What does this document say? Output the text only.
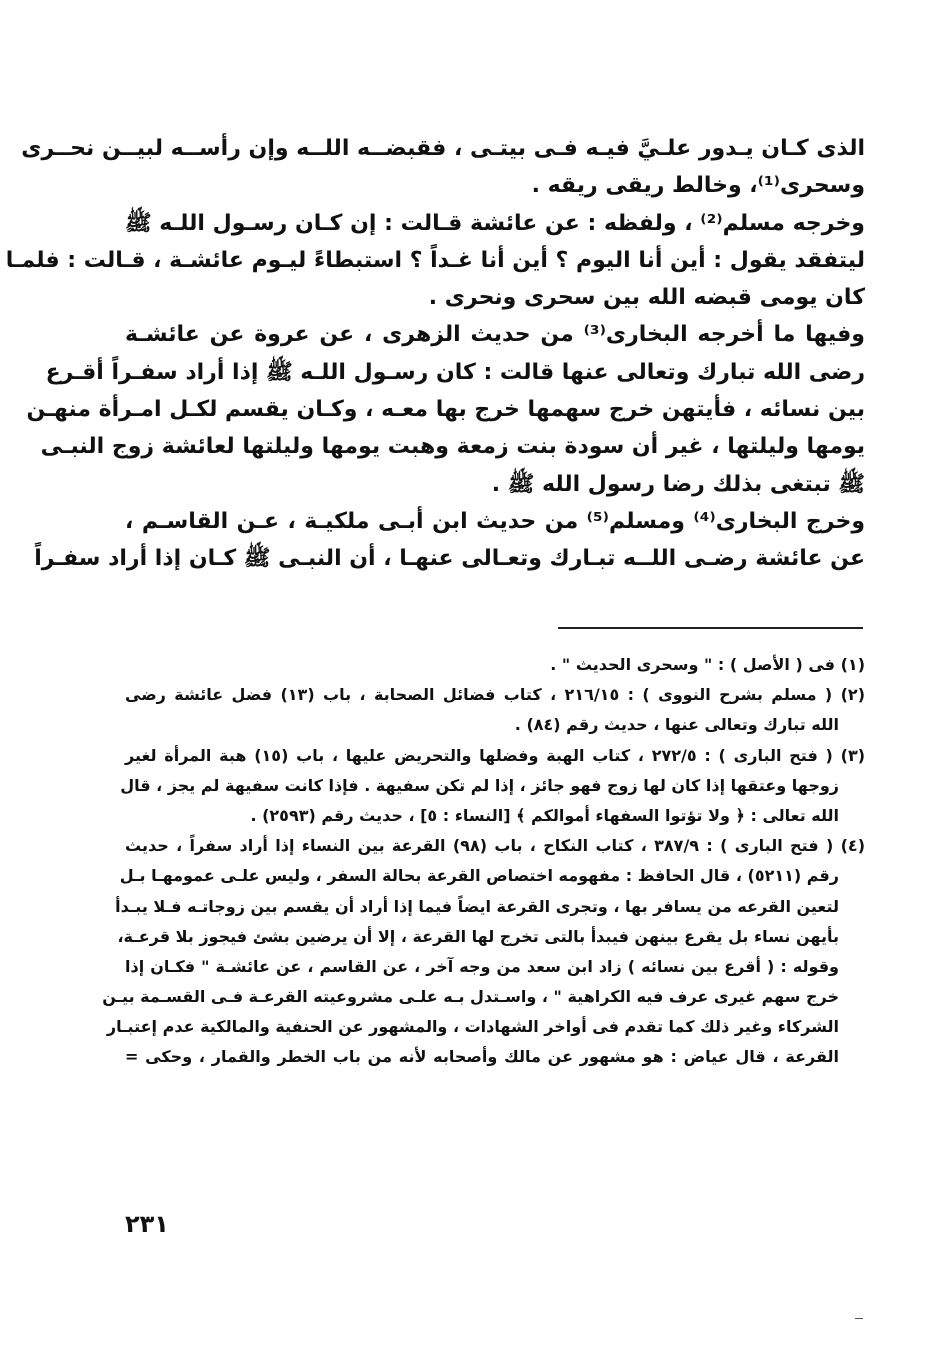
الذى كـان يـدور علـيَّ فيـه فـى بيتـى ، فقبضــه اللــه وإن رأســه لبيــن نحــرى
وسحرى⁽¹⁾، وخالط ريقى ريقه .
وخرجه مسلم⁽²⁾ ، ولفظه : عن عائشة قـالت : إن كـان رسـول اللـه ﷺ
ليتفقد يقول : أين أنا اليوم ؟ أين أنا غـداً ؟ استبطاءً ليـوم عائشـة ، قـالت : فلمـا
كان يومى قبضه الله بين سحرى ونحرى .
وفيها ما أخرجه البخارى⁽³⁾ من حديث الزهرى ، عن عروة عن عائشـة
رضى الله تبارك وتعالى عنها قالت : كان رسـول اللـه ﷺ إذا أراد سفـراً أقـرع
بين نسائه ، فأيتهن خرج سهمها خرج بها معـه ، وكـان يقسم لكـل امـرأة منهـن
يومها وليلتها ، غير أن سودة بنت زمعة وهبت يومها وليلتها لعائشة زوج النبـى
ﷺ تبتغى بذلك رضا رسول الله ﷺ .
وخرج البخارى⁽⁴⁾ ومسلم⁽⁵⁾ من حديث ابن أبـى ملكيـة ، عـن القاسـم ،
عن عائشة رضـى اللــه تبـارك وتعـالى عنهـا ، أن النبـى ﷺ كـان إذا أراد سفـراً
(١) فى ( الأصل ) : " وسحرى الحديث " .
(٢) ( مسلم بشرح النووى ) : ٢١٦/١٥ ، كتاب فضائل الصحابة ، باب (١٣) فضل عائشة رضى
الله تبارك وتعالى عنها ، حديث رقم (٨٤) .
(٣) ( فتح البارى ) : ٢٧٢/٥ ، كتاب الهبة وفضلها والتحريض عليها ، باب (١٥) هبة المرأة لغير
زوجها وعتقها إذا كان لها زوج فهو جائز ، إذا لم تكن سفيهة . فإذا كانت سفيهة لم يجز ، قال
الله تعالى : ﴿ ولا تؤتوا السفهاء أموالكم ﴾ [النساء : ٥] ، حديث رقم (٢٥٩٣) .
(٤) ( فتح البارى ) : ٣٨٧/٩ ، كتاب النكاح ، باب (٩٨) القرعة بين النساء إذا أراد سفراً ، حديث
رقم (٥٢١١) ، قال الحافظ : مفهومه اختصاص القرعة بحالة السفر ، وليس علـى عمومهـا بـل
لتعين القرعه من يسافر بها ، وتجرى القرعة ايضاً فيما إذا أراد أن يقسم بين زوجاتـه فـلا يبـدأ
بأيهن نساء بل يقرع بينهن فيبدأ بالتى تخرج لها القرعة ، إلا أن يرضين بشئ فيجوز بلا قرعـة،
وقوله : ( أقرع بين نسائه ) زاد ابن سعد من وجه آخر ، عن القاسم ، عن عائشـة " فكـان إذا
خرج سهم غيرى عرف فيه الكراهية " ، واسـتدل بـه علـى مشروعيته القرعـة فـى القسـمة بيـن
الشركاء وغير ذلك كما تقدم فى أواخر الشهادات ، والمشهور عن الحنفية والمالكية عدم إعتبـار
القرعة ، قال عياض : هو مشهور عن مالك وأصحابه لأنه من باب الخطر والقمار ، وحكى =
٢٣١
